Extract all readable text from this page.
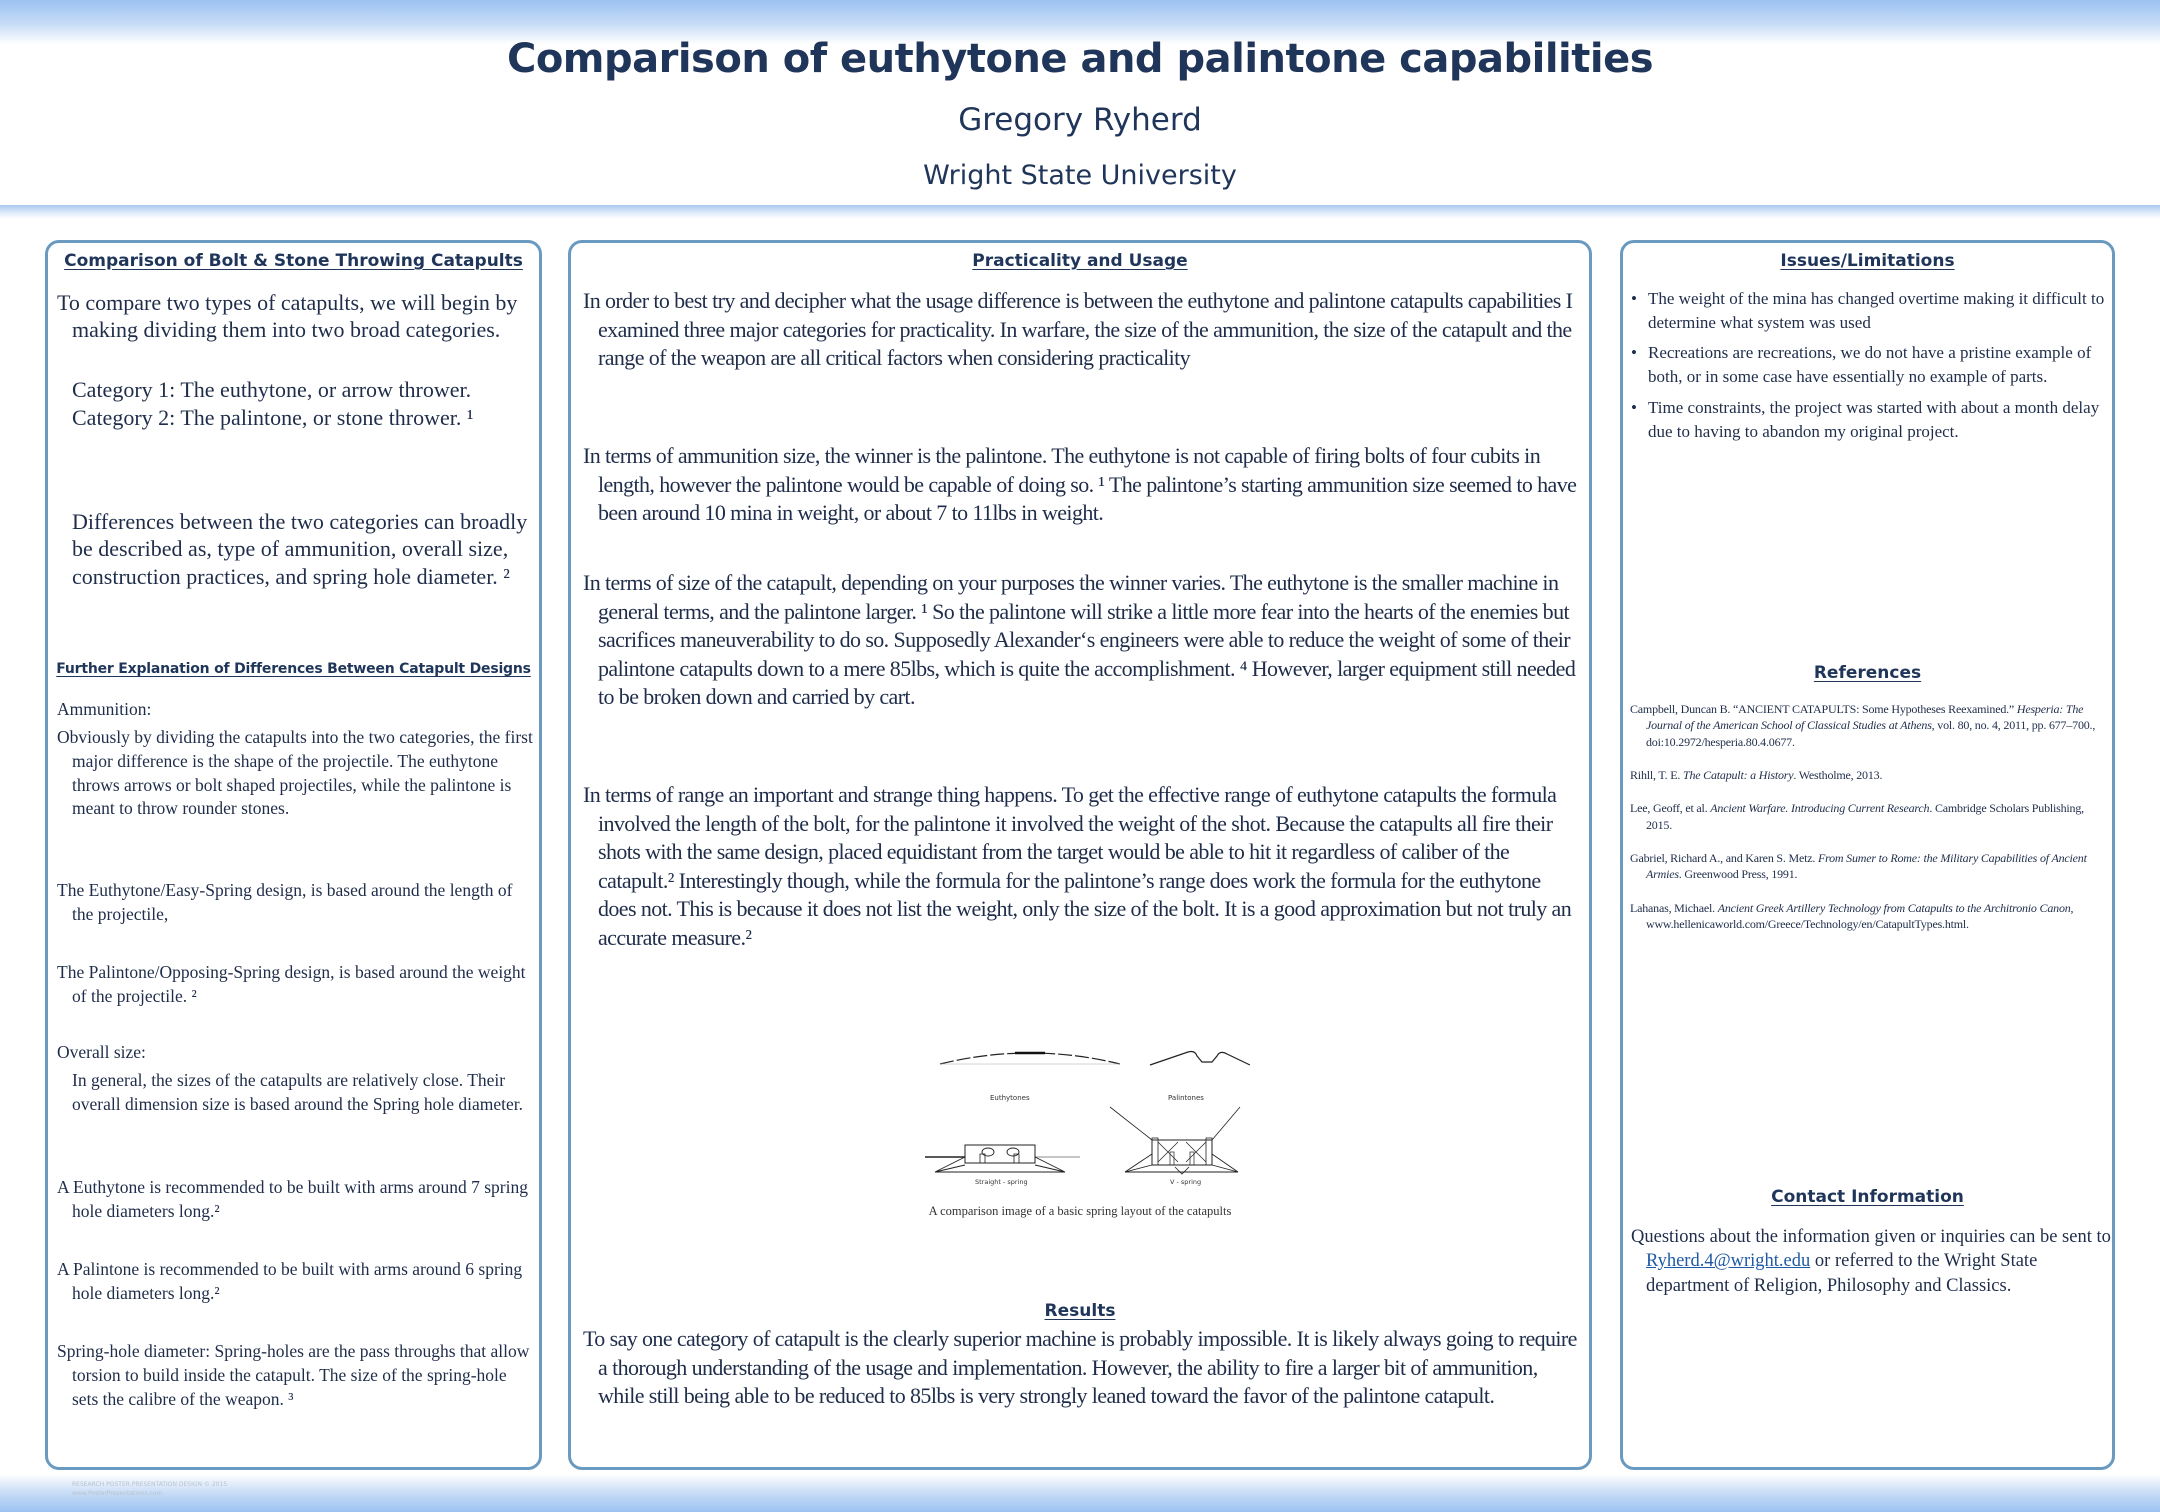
Comparison of euthytone and palintone capabilities
Gregory Ryherd
Wright State University
Comparison of Bolt & Stone Throwing Catapults
To compare two types of catapults, we will begin by making dividing them into two broad categories.
Category 1: The euthytone, or arrow thrower.
Category 2: The palintone, or stone thrower. ¹
Differences between the two categories can broadly be described as, type of ammunition, overall size, construction practices, and spring hole diameter. ²
Further Explanation of Differences Between Catapult Designs
Ammunition:
Obviously by dividing the catapults into the two categories, the first major difference is the shape of the projectile. The euthytone throws arrows or bolt shaped projectiles, while the palintone is meant to throw rounder stones.
The Euthytone/Easy-Spring design, is based around the length of the projectile,
The Palintone/Opposing-Spring design, is based around the weight of the projectile. ²
Overall size:
In general, the sizes of the catapults are relatively close. Their overall dimension size is based around the Spring hole diameter.
A Euthytone is recommended to be built with arms around 7 spring hole diameters long.²
A Palintone is recommended to be built with arms around 6 spring hole diameters long.²
Spring-hole diameter: Spring-holes are the pass throughs that allow torsion to build inside the catapult. The size of the spring-hole sets the calibre of the weapon. ³
Practicality and Usage
In order to best try and decipher what the usage difference is between the euthytone and palintone catapults capabilities I examined three major categories for practicality. In warfare, the size of the ammunition, the size of the catapult and the range of the weapon are all critical factors when considering practicality
In terms of ammunition size, the winner is the palintone. The euthytone is not capable of firing bolts of four cubits in length, however the palintone would be capable of doing so. ¹ The palintone’s starting ammunition size seemed to have been around 10 mina in weight, or about 7 to 11lbs in weight.
In terms of size of the catapult, depending on your purposes the winner varies. The euthytone is the smaller machine in general terms, and the palintone larger. ¹ So the palintone will strike a little more fear into the hearts of the enemies but sacrifices maneuverability to do so. Supposedly Alexander‘s engineers were able to reduce the weight of some of their palintone catapults down to a mere 85lbs, which is quite the accomplishment. ⁴ However, larger equipment still needed to be broken down and carried by cart.
In terms of range an important and strange thing happens. To get the effective range of euthytone catapults the formula involved the length of the bolt, for the palintone it involved the weight of the shot. Because the catapults all fire their shots with the same design, placed equidistant from the target would be able to hit it regardless of caliber of the catapult.² Interestingly though, while the formula for the palintone’s range does work the formula for the euthytone does not. This is because it does not list the weight, only the size of the bolt. It is a good approximation but not truly an accurate measure.²
Results
To say one category of catapult is the clearly superior machine is probably impossible. It is likely always going to require a thorough understanding of the usage and implementation. However, the ability to fire a larger bit of ammunition, while still being able to be reduced to 85lbs is very strongly leaned toward the favor of the palintone catapult.
Euthytones	Palintones
Straight - spring	V - spring
A comparison image of a basic spring layout of the catapults
Issues/Limitations
• The weight of the mina has changed overtime making it difficult to determine what system was used
• Recreations are recreations, we do not have a pristine example of both, or in some case have essentially no example of parts.
• Time constraints, the project was started with about a month delay due to having to abandon my original project.
References
Campbell, Duncan B. “ANCIENT CATAPULTS: Some Hypotheses Reexamined.” Hesperia: The Journal of the American School of Classical Studies at Athens, vol. 80, no. 4, 2011, pp. 677–700., doi:10.2972/hesperia.80.4.0677.
Rihll, T. E. The Catapult: a History. Westholme, 2013.
Lee, Geoff, et al. Ancient Warfare. Introducing Current Research. Cambridge Scholars Publishing, 2015.
Gabriel, Richard A., and Karen S. Metz. From Sumer to Rome: the Military Capabilities of Ancient Armies. Greenwood Press, 1991.
Lahanas, Michael. Ancient Greek Artillery Technology from Catapults to the Architronio Canon, www.hellenicaworld.com/Greece/Technology/en/CatapultTypes.html.
Contact Information
Questions about the information given or inquiries can be sent to Ryherd.4@wright.edu or referred to the Wright State department of Religion, Philosophy and Classics.
RESEARCH POSTER PRESENTATION DESIGN © 2015
www.PosterPresentations.com
